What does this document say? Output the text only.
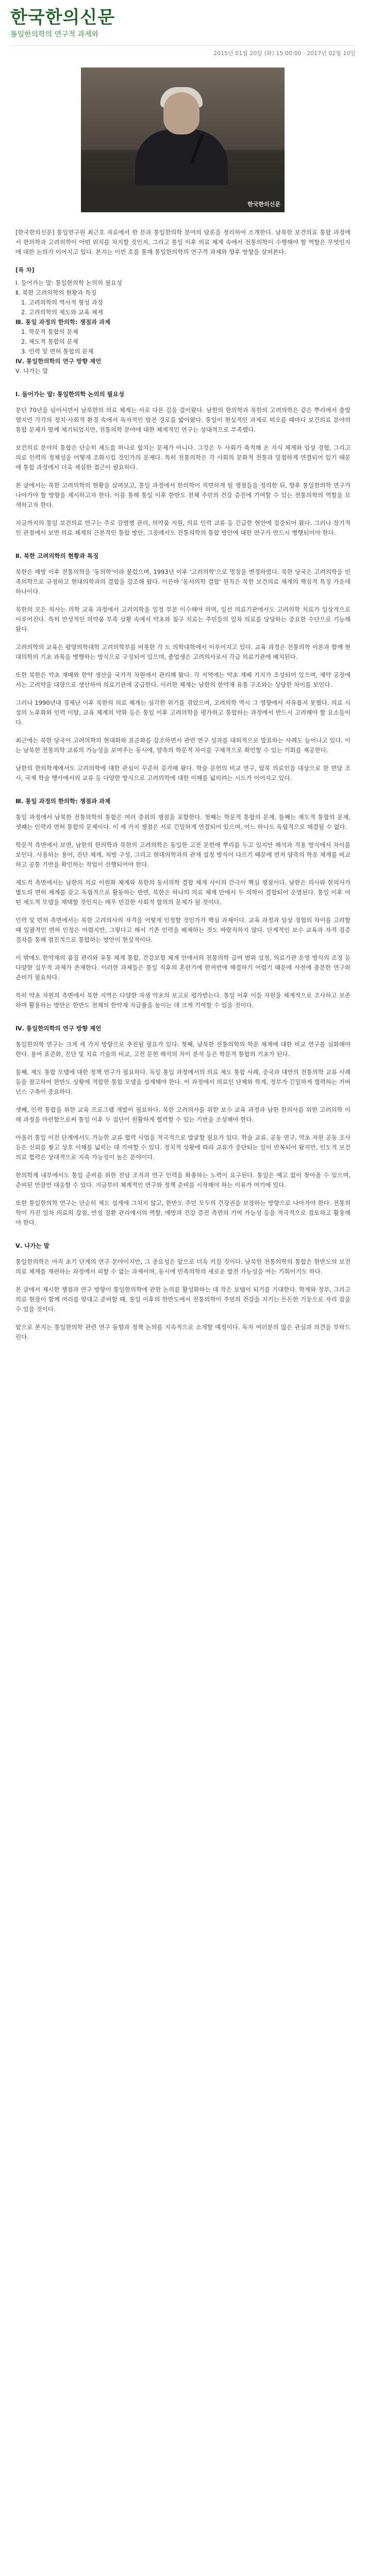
한국한의신문
통일한의학의 연구적 과제와
2015년 01월 20일 (화) 15:00:00 · 2017년 02월 10일
한국한의신문

[한국한의신문] 통일연구원 최근호 자료에서 한 분과 통일한의학 분야의 담론을 정리하여 소개한다. 남북한 보건의료 통합 과정에서 한의학과 고려의학이 어떤 위치를 차지할 것인지, 그리고 통일 이후 의료 체계 속에서 전통의학이 수행해야 할 역할은 무엇인지에 대한 논의가 이어지고 있다. 본지는 이번 호를 통해 통일한의학의 연구적 과제와 향후 방향을 살펴본다.

[목 차]
Ⅰ. 들어가는 말: 통일한의학 논의의 필요성
Ⅱ. 북한 고려의학의 현황과 특징
1. 고려의학의 역사적 형성 과정
2. 고려의학의 제도와 교육 체계
Ⅲ. 통일 과정의 한의학: 쟁점과 과제
1. 학문적 통합의 문제
2. 제도적 통합의 문제
3. 인력 및 면허 통합의 문제
Ⅳ. 통일한의학의 연구 방향 제언
Ⅴ. 나가는 말
Ⅰ. 들어가는 말: 통일한의학 논의의 필요성

분단 70년을 넘어서면서 남북한의 의료 체계는 서로 다른 길을 걸어왔다. 남한의 한의학과 북한의 고려의학은 같은 뿌리에서 출발했지만 각각의 정치·사회적 환경 속에서 독자적인 발전 경로를 밟아왔다. 통일이 현실적인 과제로 떠오를 때마다 보건의료 분야의 통합 문제가 함께 제기되었지만, 전통의학 분야에 대한 체계적인 연구는 상대적으로 부족했다.

보건의료 분야의 통합은 단순히 제도를 하나로 합치는 문제가 아니다. 그것은 두 사회가 축적해 온 지식 체계와 임상 경험, 그리고 의료 인력의 정체성을 어떻게 조화시킬 것인가의 문제다. 특히 전통의학은 각 사회의 문화적 전통과 밀접하게 연결되어 있기 때문에 통합 과정에서 더욱 세심한 접근이 필요하다.

본 글에서는 북한 고려의학의 현황을 살펴보고, 통일 과정에서 한의학이 직면하게 될 쟁점들을 정리한 뒤, 향후 통일한의학 연구가 나아가야 할 방향을 제시하고자 한다. 이를 통해 통일 이후 한반도 전체 주민의 건강 증진에 기여할 수 있는 전통의학의 역할을 모색하고자 한다.

지금까지의 통일 보건의료 연구는 주로 감염병 관리, 의약품 지원, 의료 인력 교류 등 긴급한 현안에 집중되어 왔다. 그러나 장기적인 관점에서 보면 의료 체계의 근본적인 통합 방안, 그중에서도 전통의학의 통합 방안에 대한 연구가 반드시 병행되어야 한다.

Ⅱ. 북한 고려의학의 현황과 특징

북한은 해방 이후 전통의학을 '동의학'이라 불렀으며, 1993년 이후 '고려의학'으로 명칭을 변경하였다. 북한 당국은 고려의학을 민족의학으로 규정하고 현대의학과의 결합을 강조해 왔다. 이른바 '동서의학 결합' 원칙은 북한 보건의료 체계의 핵심적 특징 가운데 하나이다.

북한의 모든 의사는 의학 교육 과정에서 고려의학을 일정 부분 이수해야 하며, 일선 의료기관에서도 고려의학 치료가 일상적으로 이루어진다. 특히 만성적인 의약품 부족 상황 속에서 약초와 침구 치료는 주민들의 일차 의료를 담당하는 중요한 수단으로 기능해 왔다.

고려의학의 교육은 평양의학대학 고려의학부를 비롯한 각 도 의학대학에서 이루어지고 있다. 교육 과정은 전통의학 이론과 함께 현대의학의 기초 과목을 병행하는 방식으로 구성되어 있으며, 졸업생은 고려의사로서 각급 의료기관에 배치된다.

또한 북한은 약초 재배와 한약 생산을 국가적 차원에서 관리해 왔다. 각 지역에는 약초 재배 기지가 조성되어 있으며, 제약 공장에서는 고려약을 대량으로 생산하여 의료기관에 공급한다. 이러한 체계는 남한의 한약재 유통 구조와는 상당한 차이를 보인다.

그러나 1990년대 경제난 이후 북한의 의료 체계는 심각한 위기를 겪었으며, 고려의학 역시 그 영향에서 자유롭지 못했다. 의료 시설의 노후화와 인력 이탈, 교육 체계의 약화 등은 통일 이후 고려의학을 평가하고 통합하는 과정에서 반드시 고려해야 할 요소들이다.

최근에는 북한 당국이 고려의학의 현대화와 표준화를 강조하면서 관련 연구 성과를 대외적으로 발표하는 사례도 늘어나고 있다. 이는 남북한 전통의학 교류의 가능성을 보여주는 동시에, 양측의 학문적 차이를 구체적으로 확인할 수 있는 기회를 제공한다.

남한의 한의학계에서도 고려의학에 대한 관심이 꾸준히 증가해 왔다. 학술 문헌의 비교 연구, 탈북 의료인을 대상으로 한 면담 조사, 국제 학술 행사에서의 교류 등 다양한 방식으로 고려의학에 대한 이해를 넓히려는 시도가 이어지고 있다.

Ⅲ. 통일 과정의 한의학: 쟁점과 과제

통일 과정에서 남북한 전통의학의 통합은 여러 층위의 쟁점을 포함한다. 첫째는 학문적 통합의 문제, 둘째는 제도적 통합의 문제, 셋째는 인력과 면허 통합의 문제이다. 이 세 가지 쟁점은 서로 긴밀하게 연결되어 있으며, 어느 하나도 독립적으로 해결될 수 없다.

학문적 측면에서 보면, 남한의 한의학과 북한의 고려의학은 동일한 고전 문헌에 뿌리를 두고 있지만 해석과 적용 방식에서 차이를 보인다. 사용하는 용어, 진단 체계, 처방 구성, 그리고 현대의학과의 관계 설정 방식이 다르기 때문에 먼저 양측의 학문 체계를 비교하고 공통 기반을 확인하는 작업이 선행되어야 한다.

제도적 측면에서는 남한의 의료 이원화 체계와 북한의 동서의학 결합 체계 사이의 간극이 핵심 쟁점이다. 남한은 의사와 한의사가 별도의 면허 체계를 갖고 독립적으로 활동하는 반면, 북한은 하나의 의료 체계 안에서 두 의학이 결합되어 운영된다. 통일 이후 어떤 제도적 모델을 채택할 것인지는 매우 민감한 사회적 합의의 문제가 될 것이다.

인력 및 면허 측면에서는 북한 고려의사의 자격을 어떻게 인정할 것인가가 핵심 과제이다. 교육 과정과 임상 경험의 차이를 고려할 때 일괄적인 면허 인정은 어렵지만, 그렇다고 해서 기존 인력을 배제하는 것도 바람직하지 않다. 단계적인 보수 교육과 자격 검증 절차를 통해 점진적으로 통합하는 방안이 현실적이다.

이 밖에도 한약재의 품질 관리와 유통 체계 통합, 건강보험 체계 안에서의 전통의학 급여 범위 설정, 의료기관 운영 방식의 조정 등 다양한 실무적 과제가 존재한다. 이러한 과제들은 통일 직후의 혼란기에 한꺼번에 해결하기 어렵기 때문에 사전에 충분한 연구와 준비가 필요하다.

특히 약초 자원의 측면에서 북한 지역은 다양한 자생 약초의 보고로 평가받는다. 통일 이후 이들 자원을 체계적으로 조사하고 보존하며 활용하는 방안은 한반도 전체의 한약재 자급률을 높이는 데 크게 기여할 수 있을 것이다.

Ⅳ. 통일한의학의 연구 방향 제언

통일한의학 연구는 크게 세 가지 방향으로 추진될 필요가 있다. 첫째, 남북한 전통의학의 학문 체계에 대한 비교 연구를 심화해야 한다. 용어 표준화, 진단 및 치료 기술의 비교, 고전 문헌 해석의 차이 분석 등은 학문적 통합의 기초가 된다.

둘째, 제도 통합 모델에 대한 정책 연구가 필요하다. 독일 통일 과정에서의 의료 제도 통합 사례, 중국과 대만의 전통의학 교류 사례 등을 참고하여 한반도 상황에 적합한 통합 모델을 설계해야 한다. 이 과정에서 의료인 단체와 학계, 정부가 긴밀하게 협력하는 거버넌스 구축이 중요하다.

셋째, 인력 통합을 위한 교육 프로그램 개발이 필요하다. 북한 고려의사를 위한 보수 교육 과정과 남한 한의사를 위한 고려의학 이해 과정을 마련함으로써 통일 이후 두 집단이 원활하게 협력할 수 있는 기반을 조성해야 한다.

아울러 통일 이전 단계에서도 가능한 교류 협력 사업을 적극적으로 발굴할 필요가 있다. 학술 교류, 공동 연구, 약초 자원 공동 조사 등은 신뢰를 쌓고 상호 이해를 넓히는 데 기여할 수 있다. 정치적 상황에 따라 교류가 중단되는 일이 반복되어 왔지만, 인도적 보건의료 협력은 상대적으로 지속 가능성이 높은 분야이다.

한의학계 내부에서도 통일 준비를 위한 전담 조직과 연구 인력을 확충하는 노력이 요구된다. 통일은 예고 없이 찾아올 수 있으며, 준비된 만큼만 대응할 수 있다. 지금부터 체계적인 연구와 정책 준비를 시작해야 하는 이유가 여기에 있다.

또한 통일한의학 연구는 단순히 제도 설계에 그치지 않고, 한반도 주민 모두의 건강권을 보장하는 방향으로 나아가야 한다. 전통의학이 가진 일차 의료의 강점, 만성 질환 관리에서의 역할, 예방과 건강 증진 측면의 기여 가능성 등을 적극적으로 검토하고 활용해야 한다.

Ⅴ. 나가는 말

통일한의학은 아직 초기 단계의 연구 분야이지만, 그 중요성은 앞으로 더욱 커질 것이다. 남북한 전통의학의 통합은 한반도의 보건의료 체계를 재편하는 과정에서 피할 수 없는 과제이며, 동시에 민족의학의 새로운 발전 가능성을 여는 기회이기도 하다.

본 글에서 제시한 쟁점과 연구 방향이 통일한의학에 관한 논의를 활성화하는 데 작은 보탬이 되기를 기대한다. 학계와 정부, 그리고 의료 현장이 함께 머리를 맞대고 준비할 때, 통일 이후의 한반도에서 전통의학이 주민의 건강을 지키는 든든한 기둥으로 자리 잡을 수 있을 것이다.

앞으로 본지는 통일한의학 관련 연구 동향과 정책 논의를 지속적으로 소개할 예정이다. 독자 여러분의 많은 관심과 의견을 부탁드린다.
